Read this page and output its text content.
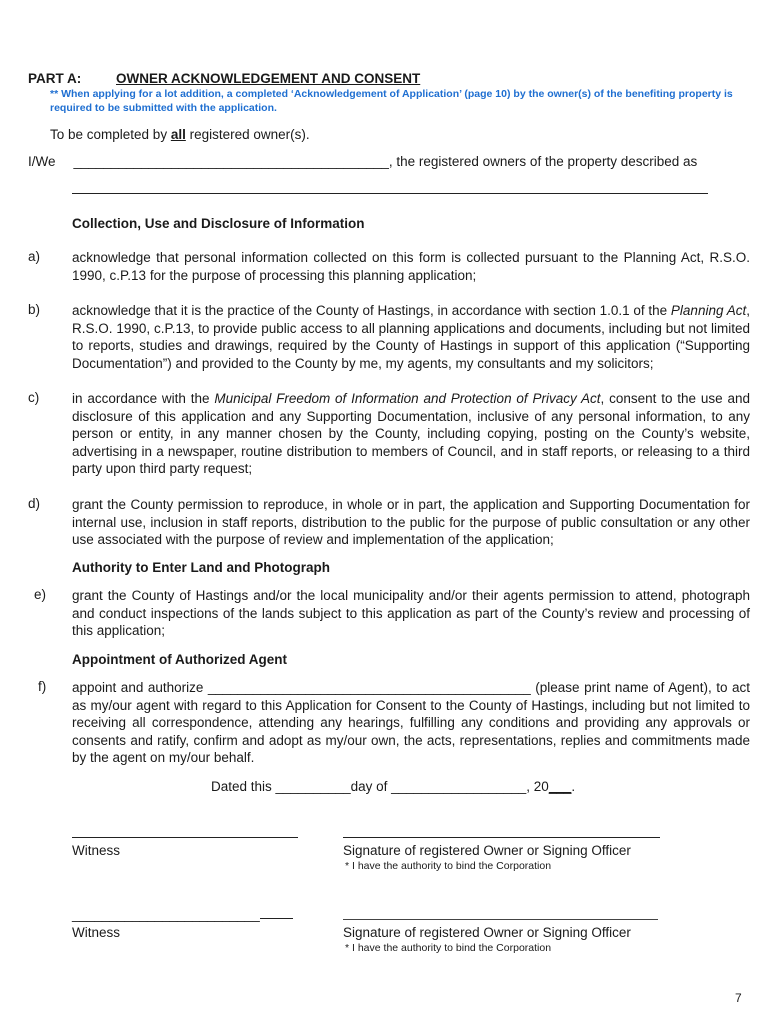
PART A:	OWNER ACKNOWLEDGEMENT AND CONSENT
** When applying for a lot addition, a completed ‘Acknowledgement of Application’ (page 10) by the owner(s) of the benefiting property is required to be submitted with the application.
To be completed by all registered owner(s).
I/We __________________________________________, the registered owners of the property described as
Collection, Use and Disclosure of Information
a)	acknowledge that personal information collected on this form is collected pursuant to the Planning Act, R.S.O. 1990, c.P.13 for the purpose of processing this planning application;
b)	acknowledge that it is the practice of the County of Hastings, in accordance with section 1.0.1 of the Planning Act, R.S.O. 1990, c.P.13, to provide public access to all planning applications and documents, including but not limited to reports, studies and drawings, required by the County of Hastings in support of this application (“Supporting Documentation”) and provided to the County by me, my agents, my consultants and my solicitors;
c)	in accordance with the Municipal Freedom of Information and Protection of Privacy Act, consent to the use and disclosure of this application and any Supporting Documentation, inclusive of any personal information, to any person or entity, in any manner chosen by the County, including copying, posting on the County’s website, advertising in a newspaper, routine distribution to members of Council, and in staff reports, or releasing to a third party upon third party request;
d)	grant the County permission to reproduce, in whole or in part, the application and Supporting Documentation for internal use, inclusion in staff reports, distribution to the public for the purpose of public consultation or any other use associated with the purpose of review and implementation of the application;
Authority to Enter Land and Photograph
e)	grant the County of Hastings and/or the local municipality and/or their agents permission to attend, photograph and conduct inspections of the lands subject to this application as part of the County’s review and processing of this application;
Appointment of Authorized Agent
f)	appoint and authorize ___________________________________________ (please print name of Agent), to act as my/our agent with regard to this Application for Consent to the County of Hastings, including but not limited to receiving all correspondence, attending any hearings, fulfilling any conditions and providing any approvals or consents and ratify, confirm and adopt as my/our own, the acts, representations, replies and commitments made by the agent on my/our behalf.
Dated this __________day of __________________, 20___.
Witness	Signature of registered Owner or Signing Officer
* I have the authority to bind the Corporation
_________________________
Witness	Signature of registered Owner or Signing Officer
* I have the authority to bind the Corporation
7
